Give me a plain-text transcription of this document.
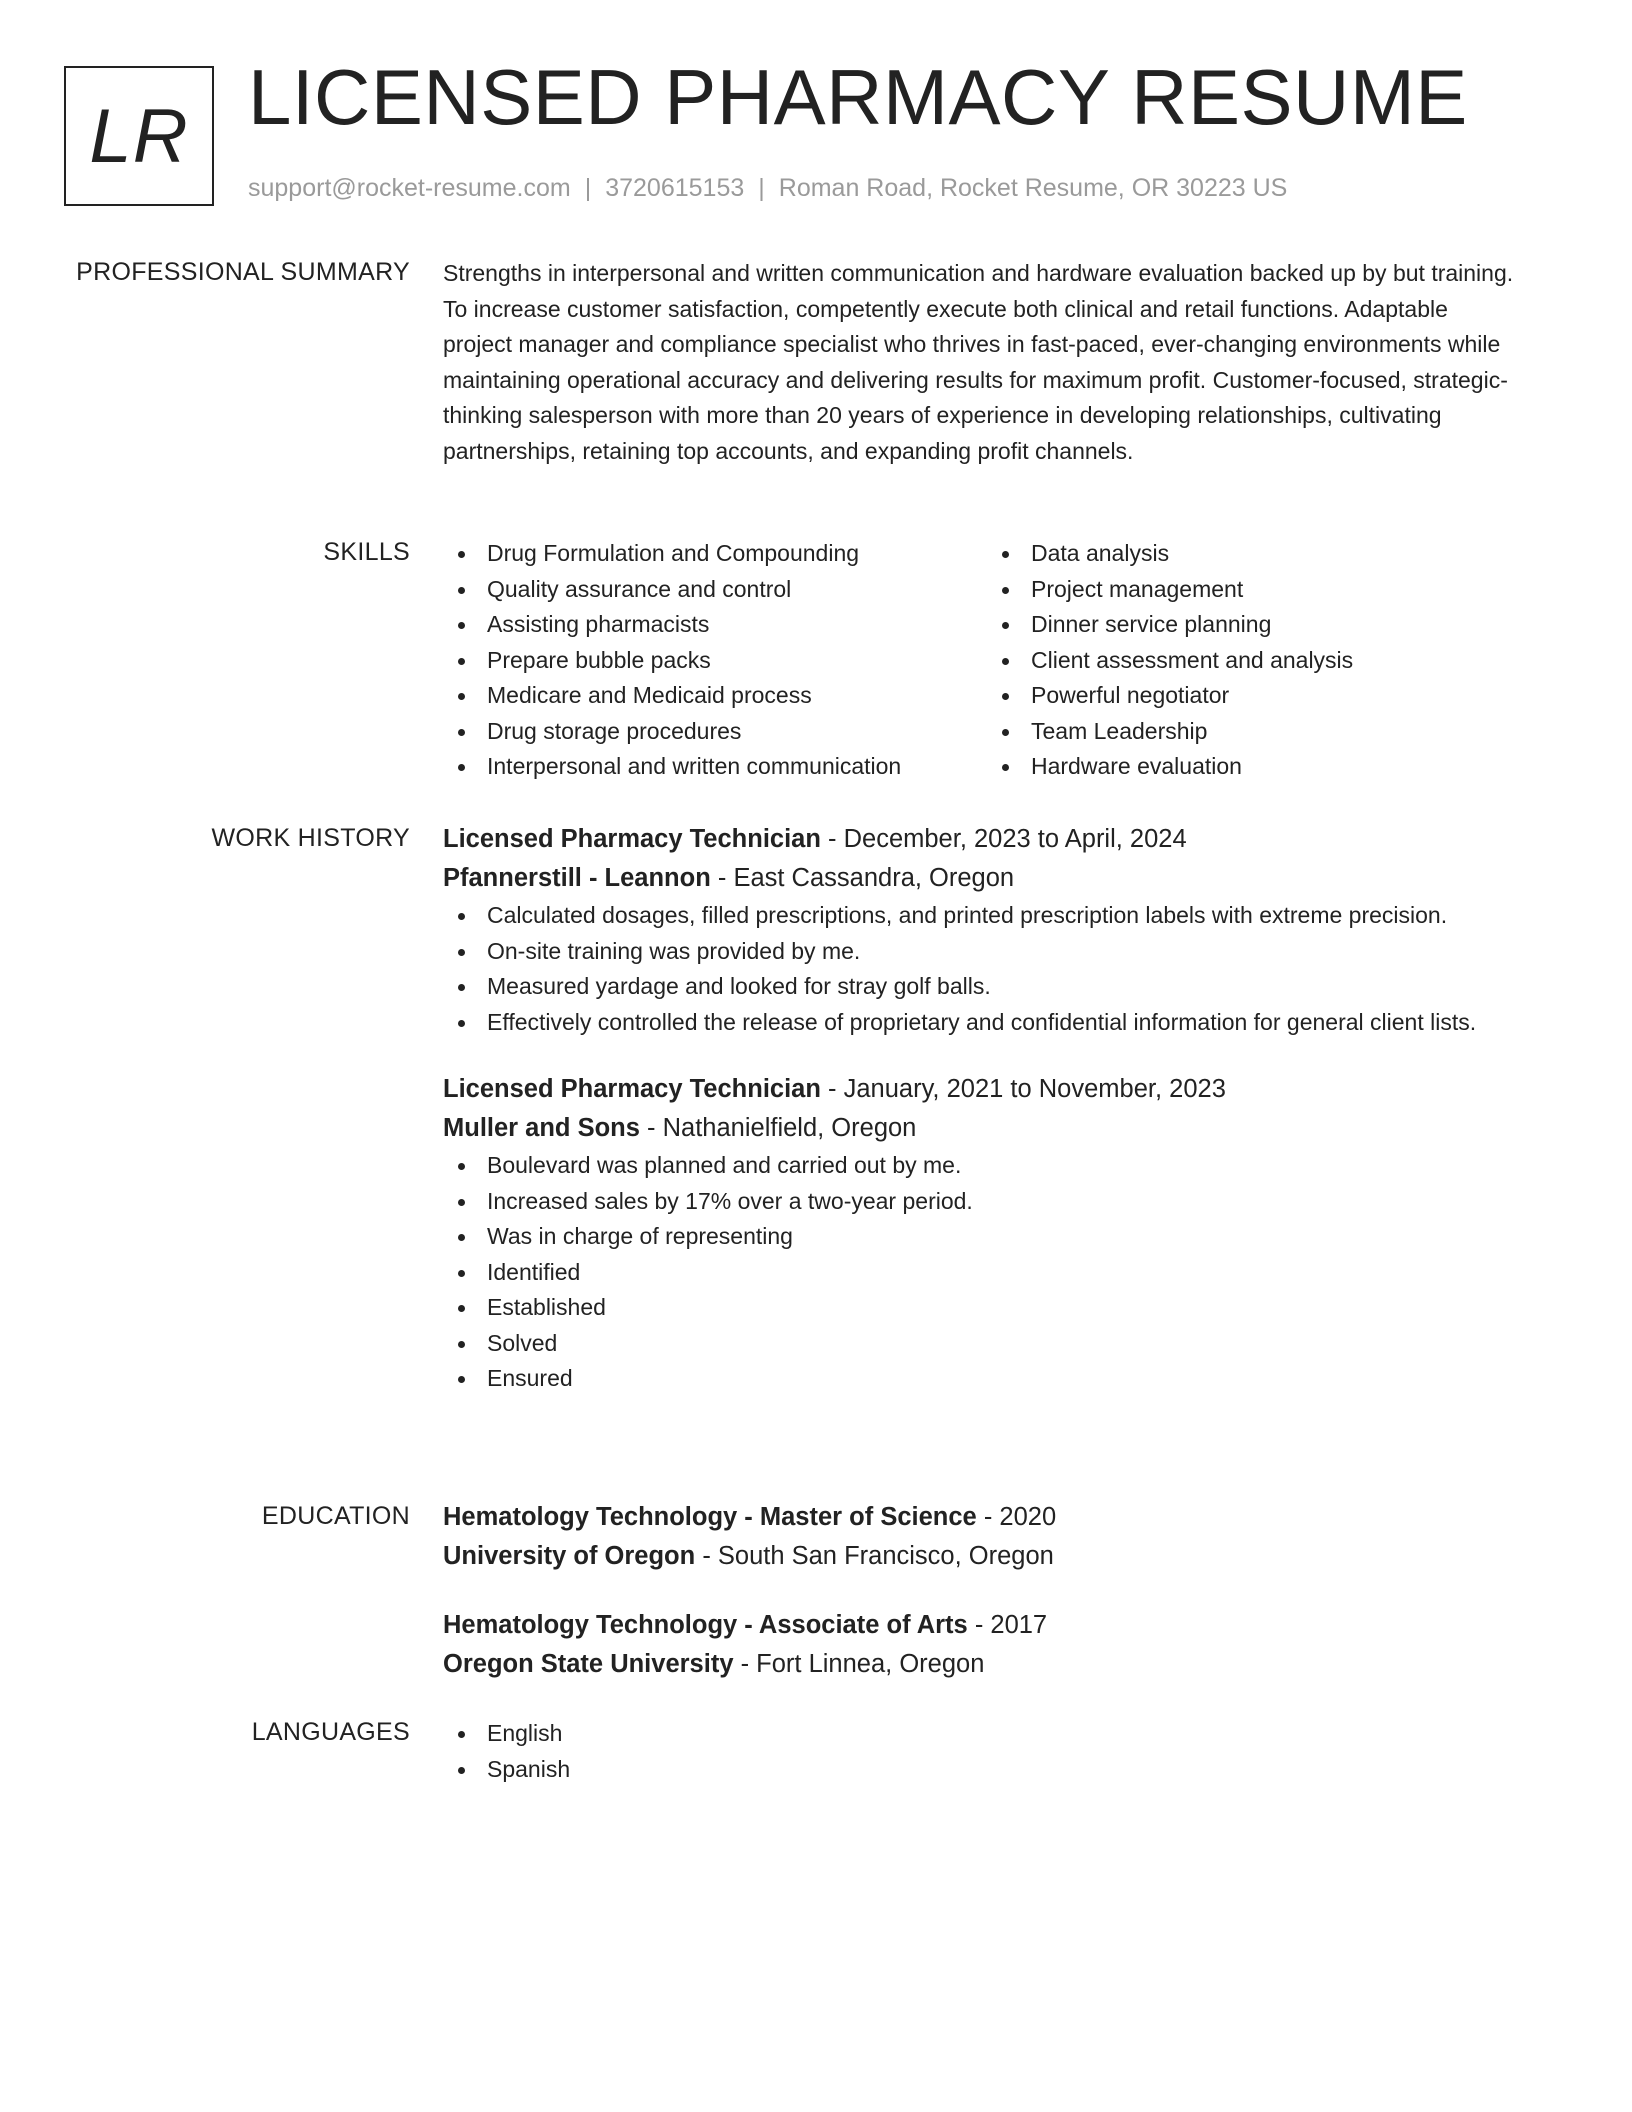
LR LICENSED PHARMACY RESUME
support@rocket-resume.com | 3720615153 | Roman Road, Rocket Resume, OR 30223 US
PROFESSIONAL SUMMARY Strengths in interpersonal and written communication and hardware evaluation backed up by but training. To increase customer satisfaction, competently execute both clinical and retail functions. Adaptable project manager and compliance specialist who thrives in fast-paced, ever-changing environments while maintaining operational accuracy and delivering results for maximum profit. Customer-focused, strategic-thinking salesperson with more than 20 years of experience in developing relationships, cultivating partnerships, retaining top accounts, and expanding profit channels.

SKILLS	Drug Formulation and Compounding
Quality assurance and control
Assisting pharmacists
Prepare bubble packs
Medicare and Medicaid process
Drug storage procedures
Interpersonal and written communication
Data analysis
Project management
Dinner service planning
Client assessment and analysis
Powerful negotiator
Team Leadership
Hardware evaluation
WORK HISTORY Licensed Pharmacy Technician - December, 2023 to April, 2024
Pfannerstill - Leannon - East Cassandra, Oregon
Calculated dosages, filled prescriptions, and printed prescription labels with extreme precision.
On-site training was provided by me.
Measured yardage and looked for stray golf balls.
Effectively controlled the release of proprietary and confidential information for general client lists.
Licensed Pharmacy Technician - January, 2021 to November, 2023
Muller and Sons - Nathanielfield, Oregon
Boulevard was planned and carried out by me.
Increased sales by 17% over a two-year period.
Was in charge of representing
Identified
Established
Solved
Ensured
EDUCATION Hematology Technology - Master of Science - 2020
University of Oregon - South San Francisco, Oregon
Hematology Technology - Associate of Arts - 2017
Oregon State University - Fort Linnea, Oregon
LANGUAGES	English
Spanish
